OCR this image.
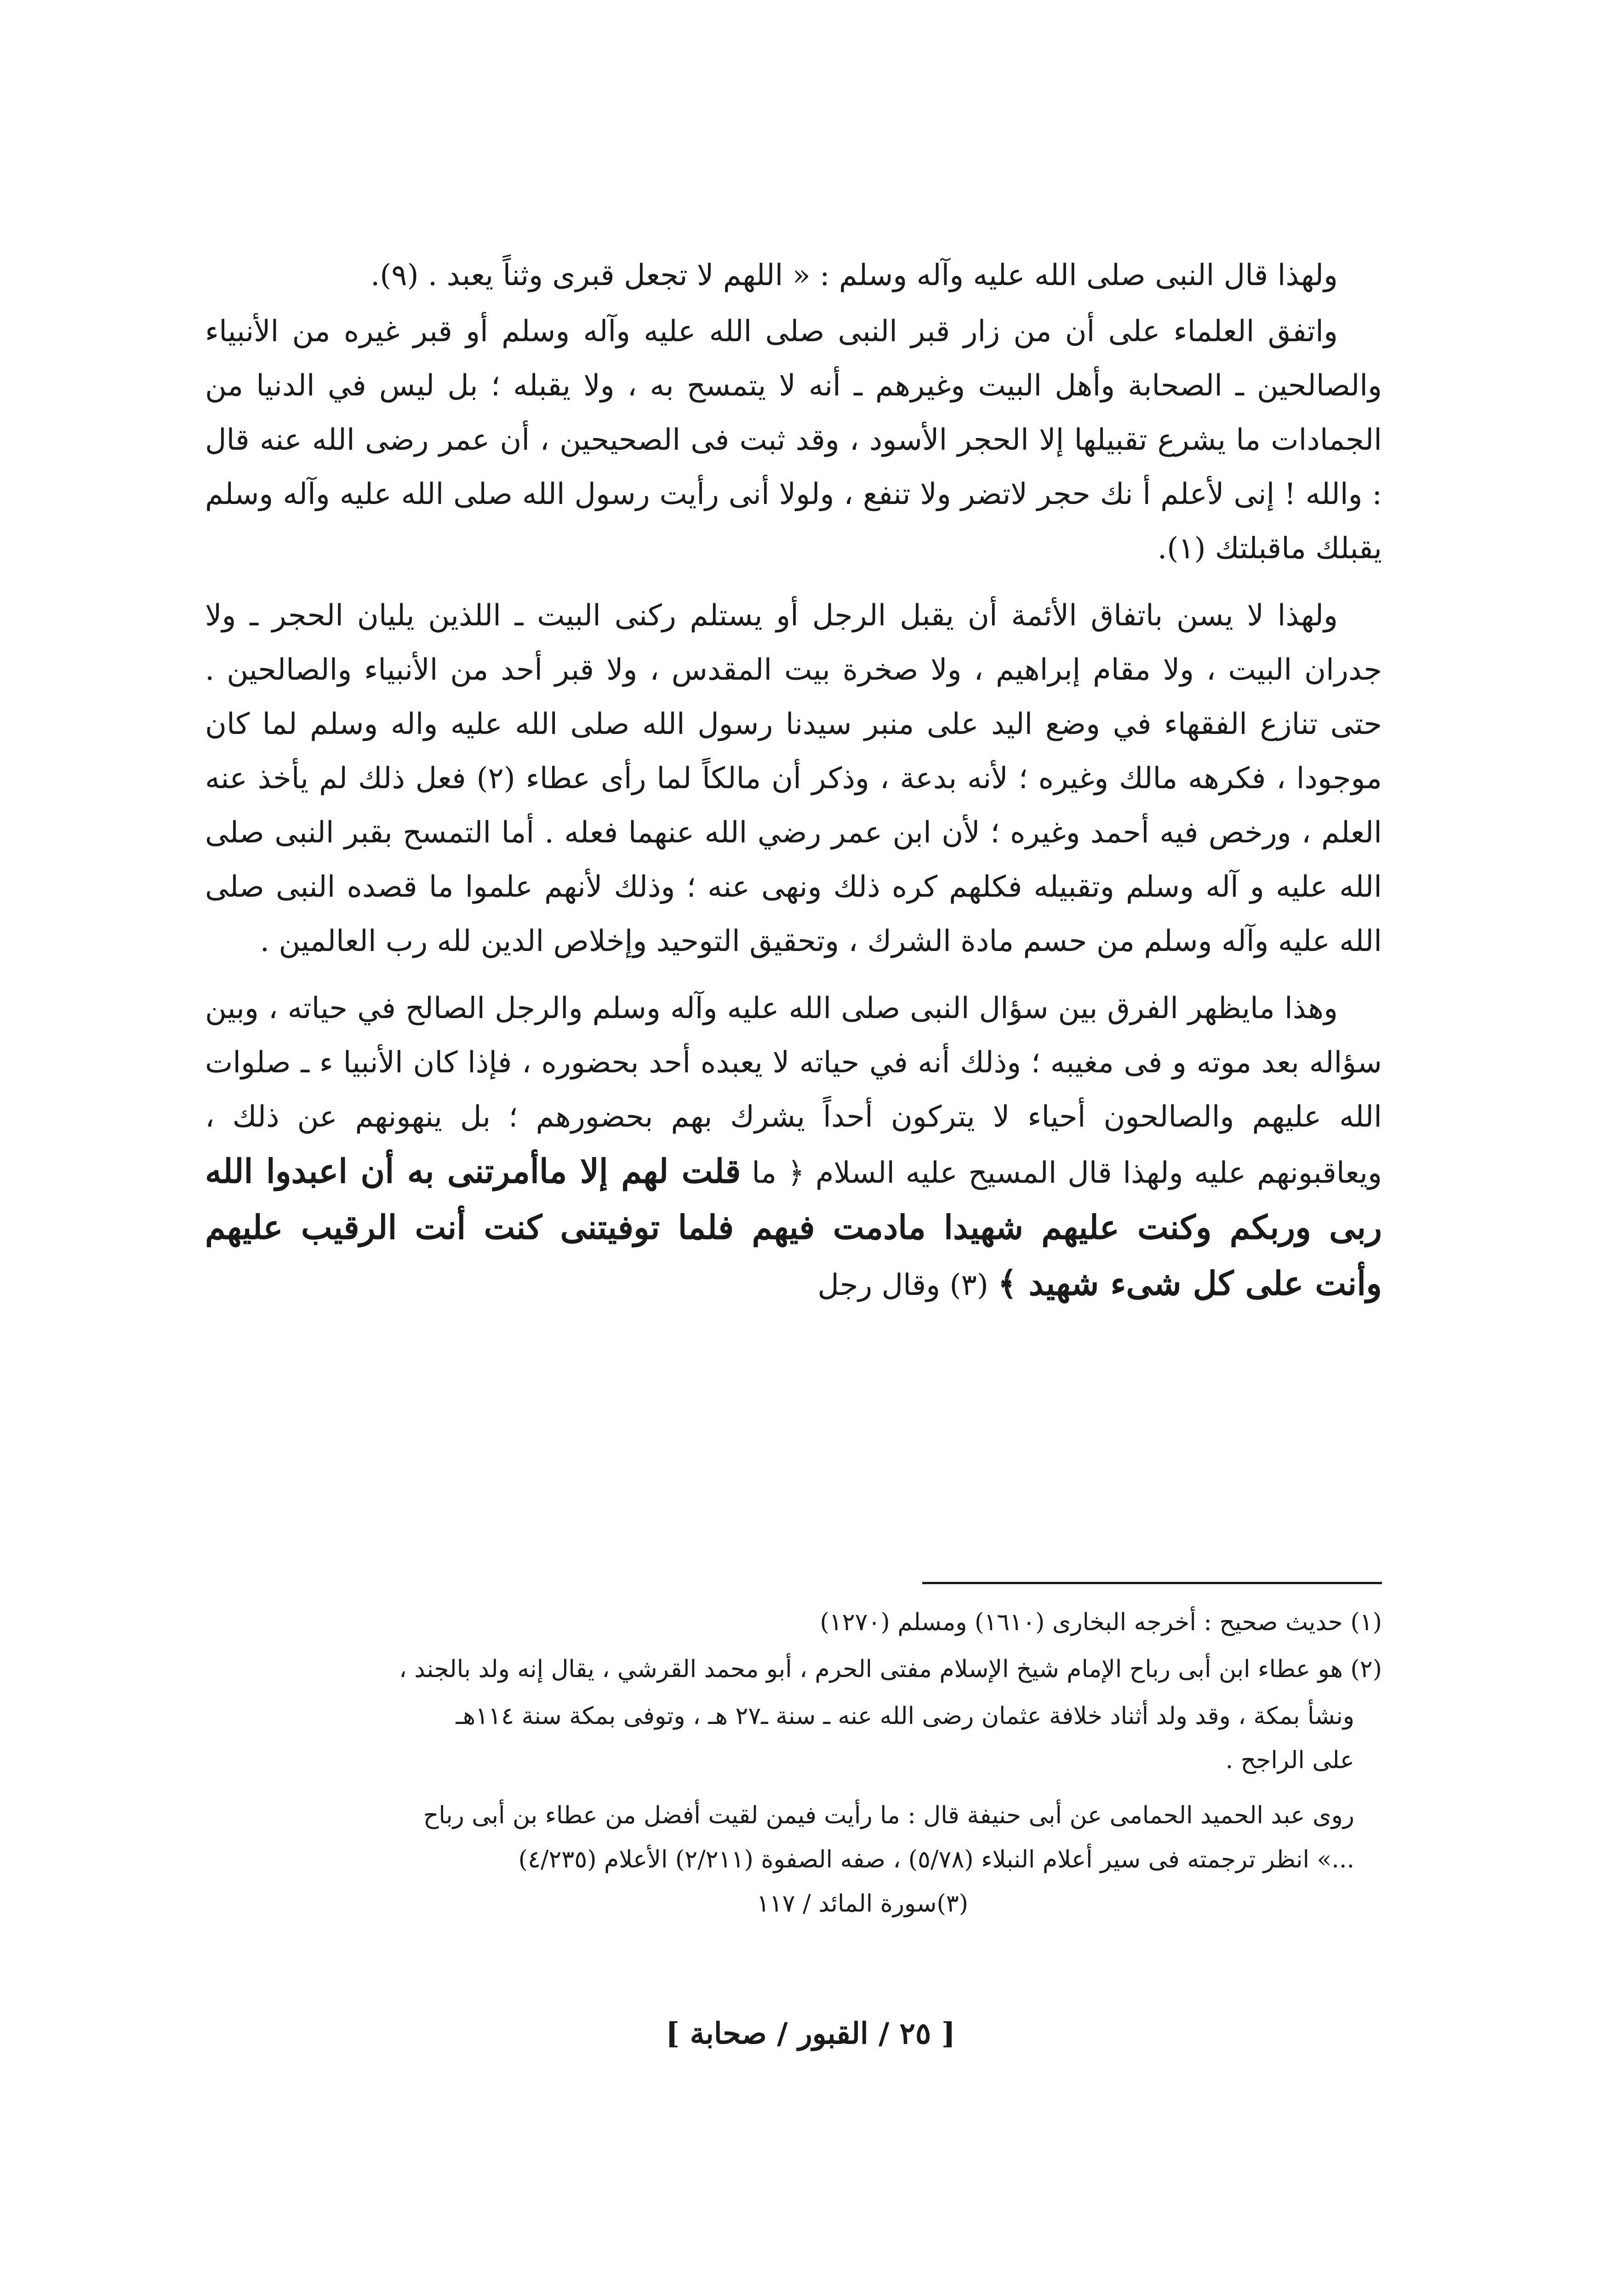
ولهذا قال النبى صلى الله عليه وآله وسلم : « اللهم لا تجعل قبرى وثناً يعبد . (٩).

واتفق العلماء على أن من زار قبر النبى صلى الله عليه وآله وسلم أو قبر غيره من الأنبياء والصالحين ـ الصحابة وأهل البيت وغيرهم ـ أنه لا يتمسح به ، ولا يقبله ؛ بل ليس في الدنيا من الجمادات ما يشرع تقبيلها إلا الحجر الأسود ، وقد ثبت فى الصحيحين ، أن عمر رضى الله عنه قال : والله ! إنى لأعلم أ نك حجر لاتضر ولا تنفع ، ولولا أنى رأيت رسول الله صلى الله عليه وآله وسلم يقبلك ماقبلتك (١).

ولهذا لا يسن باتفاق الأئمة أن يقبل الرجل أو يستلم ركنى البيت ـ اللذين يليان الحجر ـ ولا جدران البيت ، ولا مقام إبراهيم ، ولا صخرة بيت المقدس ، ولا قبر أحد من الأنبياء والصالحين . حتى تنازع الفقهاء في وضع اليد على منبر سيدنا رسول الله صلى الله عليه واله وسلم لما كان موجودا ، فكرهه مالك وغيره ؛ لأنه بدعة ، وذكر أن مالكاً لما رأى عطاء (٢) فعل ذلك لم يأخذ عنه العلم ، ورخص فيه أحمد وغيره ؛ لأن ابن عمر رضي الله عنهما فعله . أما التمسح بقبر النبى صلى الله عليه و آله وسلم وتقبيله فكلهم كره ذلك ونهى عنه ؛ وذلك لأنهم علموا ما قصده النبى صلى الله عليه وآله وسلم من حسم مادة الشرك ، وتحقيق التوحيد وإخلاص الدين لله رب العالمين .

وهذا مايظهر الفرق بين سؤال النبى صلى الله عليه وآله وسلم والرجل الصالح في حياته ، وبين سؤاله بعد موته و فى مغيبه ؛ وذلك أنه في حياته لا يعبده أحد بحضوره ، فإذا كان الأنبيا ء ـ صلوات الله عليهم والصالحون أحياء لا يتركون أحداً يشرك بهم بحضورهم ؛ بل ينهونهم عن ذلك ، ويعاقبونهم عليه ولهذا قال المسيح عليه السلام ﴿ ما قلت لهم إلا ماأمرتنى به أن اعبدوا الله ربى وربكم وكنت عليهم شهيدا مادمت فيهم فلما توفيتنى كنت أنت الرقيب عليهم وأنت على كل شىء شهيد ﴾ (٣) وقال رجل

(١) حديث صحيح : أخرجه البخارى (١٦١٠) ومسلم (١٢٧٠)

(٢) هو عطاء ابن أبى رباح الإمام شيخ الإسلام مفتى الحرم ، أبو محمد القرشي ، يقال إنه ولد بالجند ،

ونشأ بمكة ، وقد ولد أثناد خلافة عثمان رضى الله عنه ـ سنة ـ٢٧ هـ ، وتوفى بمكة سنة ١١٤هـ

على الراجح .

روى عبد الحميد الحمامى عن أبى حنيفة قال : ما رأيت فيمن لقيت أفضل من عطاء بن أبى رباح

...» انظر ترجمته فى سير أعلام النبلاء (٥/٧٨) ، صفه الصفوة (٢/٢١١) الأعلام (٤/٢٣٥)

(٣)سورة المائد / ١١٧

[ ٢٥ / القبور / صحابة ]
